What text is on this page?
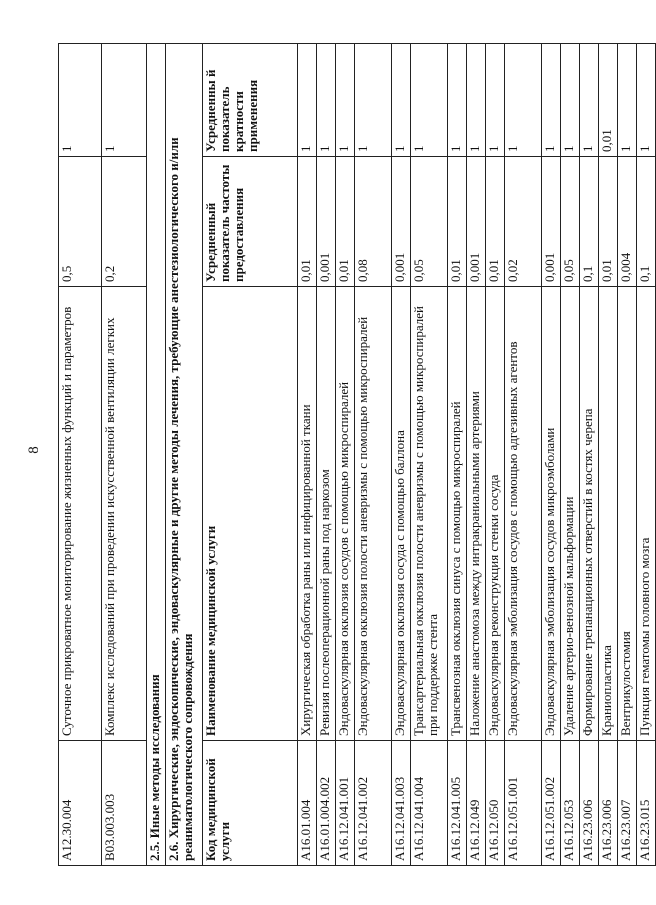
8
A12.30.004	Суточное прикроватное мониторирование жизненных функций и параметров	0,5	1
B03.003.003	Комплекс исследований при проведении искусственной вентиляции легких	0,2	1
2.5. Иные методы исследования			
2.6. Хирургические, эндоскопические, эндоваскулярные и другие методы лечения, требующие анестезиологического и/или реаниматологического сопровождения			
Код медицинской услуги	Наименование медицинской услуги	Усредненный показатель частоты предоставления	Усредненны й показатель кратности применения
A16.01.004	Хирургическая обработка раны или инфицированной ткани	0,01	1
A16.01.004.002	Ревизия послеоперационной раны под наркозом	0,001	1
A16.12.041.001	Эндоваскулярная окклюзия сосудов с помощью микроспиралей	0,01	1
A16.12.041.002	Эндоваскулярная окклюзия полости аневризмы с помощью микроспиралей	0,08	1
A16.12.041.003	Эндоваскулярная окклюзия сосуда с помощью баллона	0,001	1
A16.12.041.004	Трансартериальная окклюзия полости аневризмы с помощью микроспиралей при поддержке стента	0,05	1
A16.12.041.005	Трансвенозная окклюзия синуса с помощью микроспиралей	0,01	1
A16.12.049	Наложение анастомоза между интракраниальными артериями	0,001	1
A16.12.050	Эндоваскулярная реконструкция стенки сосуда	0,01	1
A16.12.051.001	Эндоваскулярная эмболизация сосудов с помощью адгезивных агентов	0,02	1
A16.12.051.002	Эндоваскулярная эмболизация сосудов микроэмболами	0,001	1
A16.12.053	Удаление артерио-венозной мальформации	0,05	1
A16.23.006	Формирование трепанационных отверстий в костях черепа	0,1	1
A16.23.006	Краниопластика	0,01	0,01
A16.23.007	Вентрикулостомия	0,004	1
A16.23.015	Пункция гематомы головного мозга	0,1	1
